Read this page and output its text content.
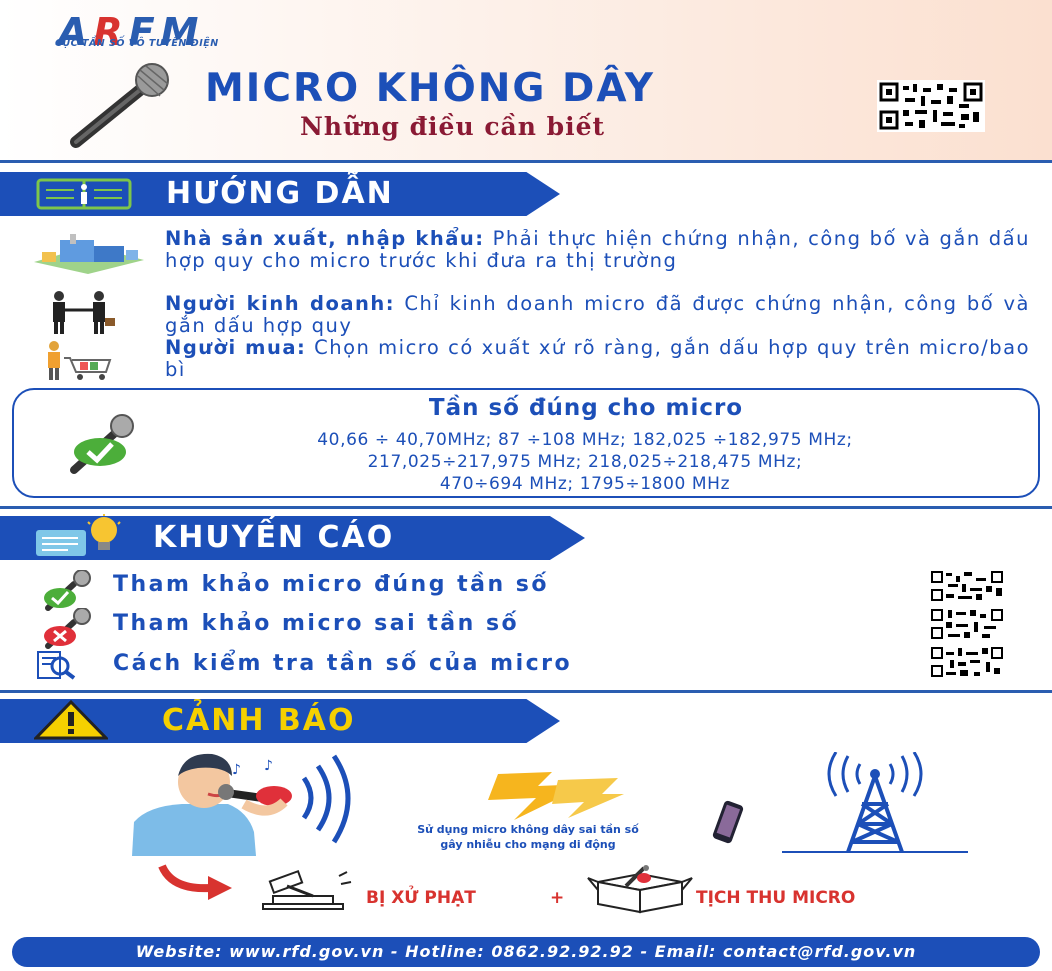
ARFM
CỤC TẦN SỐ VÔ TUYẾN ĐIỆN
MICRO KHÔNG DÂY
Những điều cần biết
HƯỚNG DẪN
Nhà sản xuất, nhập khẩu: Phải thực hiện chứng nhận, công bố và gắn dấu hợp quy cho micro trước khi đưa ra thị trường
Người kinh doanh: Chỉ kinh doanh micro đã được chứng nhận, công bố và gắn dấu hợp quy
Người mua: Chọn micro có xuất xứ rõ ràng, gắn dấu hợp quy trên micro/bao bì
Tần số đúng cho micro
40,66 ÷ 40,70MHz; 87 ÷108 MHz; 182,025 ÷182,975 MHz;
217,025÷217,975 MHz; 218,025÷218,475 MHz;
470÷694 MHz; 1795÷1800 MHz
KHUYẾN CÁO
Tham khảo micro đúng tần số
Tham khảo micro sai tần số
Cách kiểm tra tần số của micro
CẢNH BÁO
♪ ♪
Sử dụng micro không dây sai tần số
gây nhiễu cho mạng di động
BỊ XỬ PHẠT	+	TỊCH THU MICRO
Website: www.rfd.gov.vn - Hotline: 0862.92.92.92 - Email: contact@rfd.gov.vn
